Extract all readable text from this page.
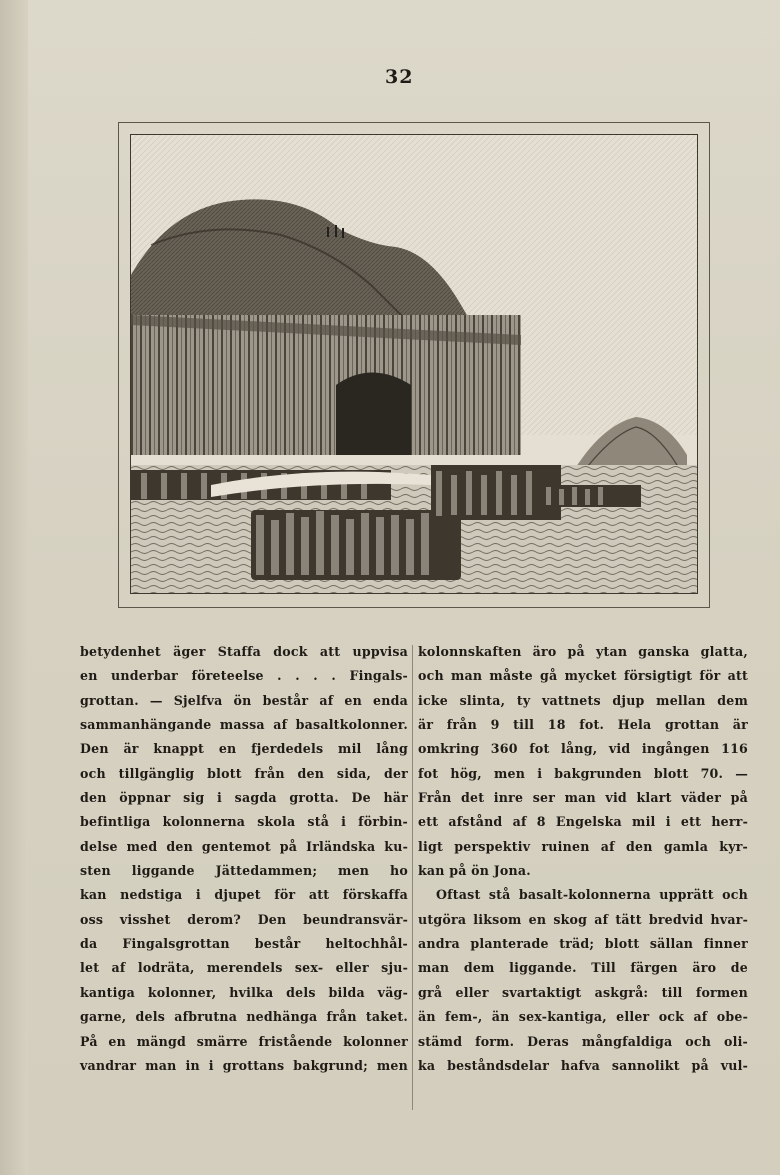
32
betydenhet äger Staffa dock att uppvisa
en underbar företeelse . . . . Fingals-
grottan. — Sjelfva ön består af en enda
sammanhängande massa af basaltkolonner.
Den är knappt en fjerdedels mil lång
och tillgänglig blott från den sida, der
den öppnar sig i sagda grotta. De här
befintliga kolonnerna skola stå i förbin-
delse med den gentemot på Irländska ku-
sten liggande Jättedammen; men ho
kan nedstiga i djupet för att förskaffa
oss visshet derom? Den beundransvär-
da Fingalsgrottan består heltochhål-
let af lodräta, merendels sex- eller sju-
kantiga kolonner, hvilka dels bilda väg-
garne, dels afbrutna nedhänga från taket.
På en mängd smärre fristående kolonner
vandrar man in i grottans bakgrund; men
kolonnskaften äro på ytan ganska glatta,
och man måste gå mycket försigtigt för att
icke slinta, ty vattnets djup mellan dem
är från 9 till 18 fot. Hela grottan är
omkring 360 fot lång, vid ingången 116
fot hög, men i bakgrunden blott 70. —
Från det inre ser man vid klart väder på
ett afstånd af 8 Engelska mil i ett herr-
ligt perspektiv ruinen af den gamla kyr-
kan på ön Jona.
Oftast stå basalt-kolonnerna upprätt och
utgöra liksom en skog af tätt bredvid hvar-
andra planterade träd; blott sällan finner
man dem liggande. Till färgen äro de
grå eller svartaktigt askgrå: till formen
än fem-, än sex-kantiga, eller ock af obe-
stämd form. Deras mångfaldiga och oli-
ka beståndsdelar hafva sannolikt på vul-
